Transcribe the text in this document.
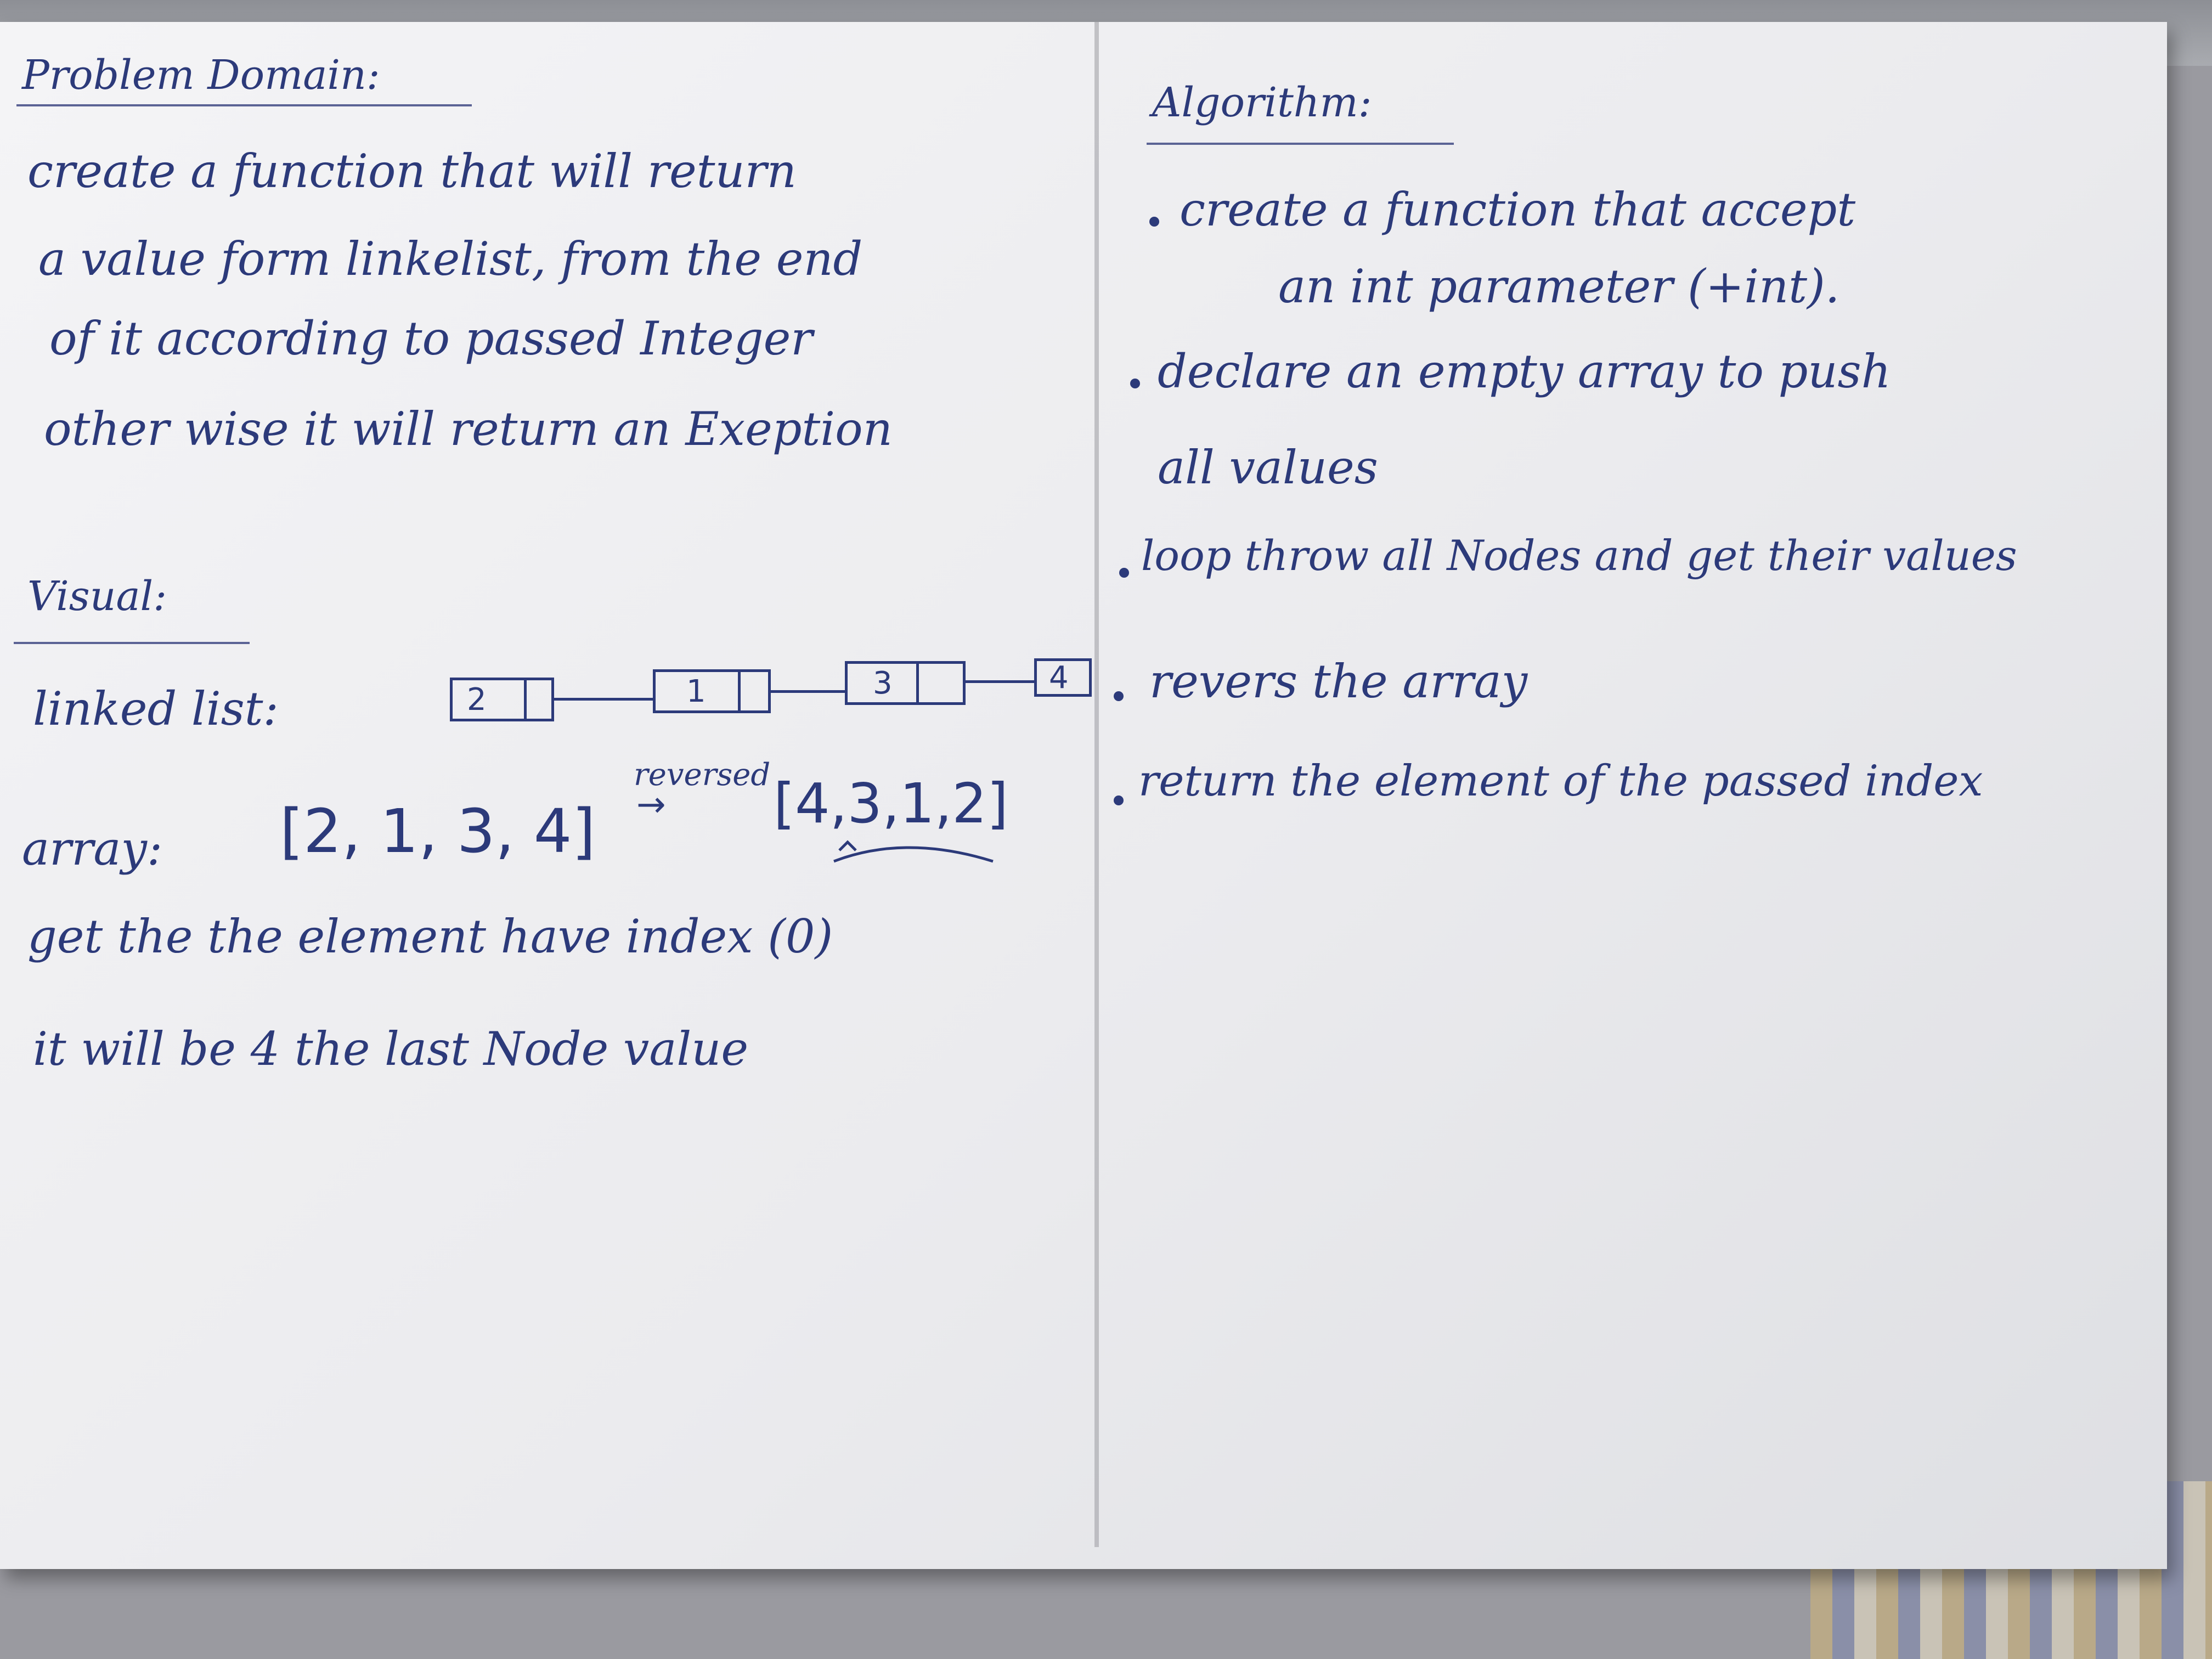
Problem Domain:
create a function that will return
a value form linkelist, from the end
of it according to passed Integer
other wise it will return an Exeption
Visual:
linked list:	2	1	3	4
array: [2, 1, 3, 4]
reversed
→ [4,3,1,2]
get the the element have index (0)
it will be 4 the last Node value
Algorithm:
create a function that accept
an int parameter (+int).
declare an empty array to push
all values
loop throw all Nodes and get their values
revers the array
return the element of the passed index
